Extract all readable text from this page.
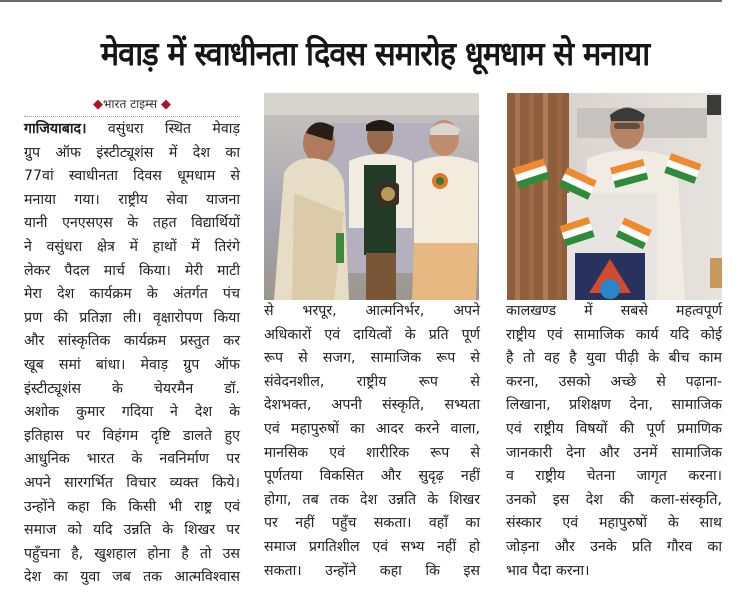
मेवाड़ में स्वाधीनता दिवस समारोह धूमधाम से मनाया
◆भारत टाइम्स ◆
गाजियाबाद। वसुंधरा स्थित मेवाड़
ग्रुप ऑफ इंस्टीट्यूशंस में देश का
77वां स्वाधीनता दिवस धूमधाम से
मनाया गया। राष्ट्रीय सेवा याजना
यानी एनएसएस के तहत विद्यार्थियों
ने वसुंधरा क्षेत्र में हाथों में तिरंगे
लेकर पैदल मार्च किया। मेरी माटी
मेरा देश कार्यक्रम के अंतर्गत पंच
प्रण की प्रतिज्ञा ली। वृक्षारोपण किया
और सांस्कृतिक कार्यक्रम प्रस्तुत कर
खूब समां बांधा। मेवाड़ ग्रुप ऑफ
इंस्टीट्यूशंस के चेयरमैन डॉ.
अशोक कुमार गदिया ने देश के
इतिहास पर विहंगम दृष्टि डालते हुए
आधुनिक भारत के नवनिर्माण पर
अपने सारगर्भित विचार व्यक्त किये।
उन्होंने कहा कि किसी भी राष्ट्र एवं
समाज को यदि उन्नति के शिखर पर
पहुँचना है, खुशहाल होना है तो उस
देश का युवा जब तक आत्मविश्वास
से भरपूर, आत्मनिर्भर, अपने
अधिकारों एवं दायित्वों के प्रति पूर्ण
रूप से सजग, सामाजिक रूप से
संवेदनशील, राष्ट्रीय रूप से
देशभक्त, अपनी संस्कृति, सभ्यता
एवं महापुरुषों का आदर करने वाला,
मानसिक एवं शारीरिक रूप से
पूर्णतया विकसित और सुदृढ़ नहीं
होगा, तब तक देश उन्नति के शिखर
पर नहीं पहुँच सकता। वहाँ का
समाज प्रगतिशील एवं सभ्य नहीं हो
सकता। उन्होंने कहा कि इस
कालखण्ड में सबसे महत्वपूर्ण
राष्ट्रीय एवं सामाजिक कार्य यदि कोई
है तो वह है युवा पीढ़ी के बीच काम
करना, उसको अच्छे से पढ़ाना-
लिखाना, प्रशिक्षण देना, सामाजिक
एवं राष्ट्रीय विषयों की पूर्ण प्रमाणिक
जानकारी देना और उनमें सामाजिक
व राष्ट्रीय चेतना जागृत करना।
उनको इस देश की कला-संस्कृति,
संस्कार एवं महापुरुषों के साथ
जोड़ना और उनके प्रति गौरव का
भाव पैदा करना।
